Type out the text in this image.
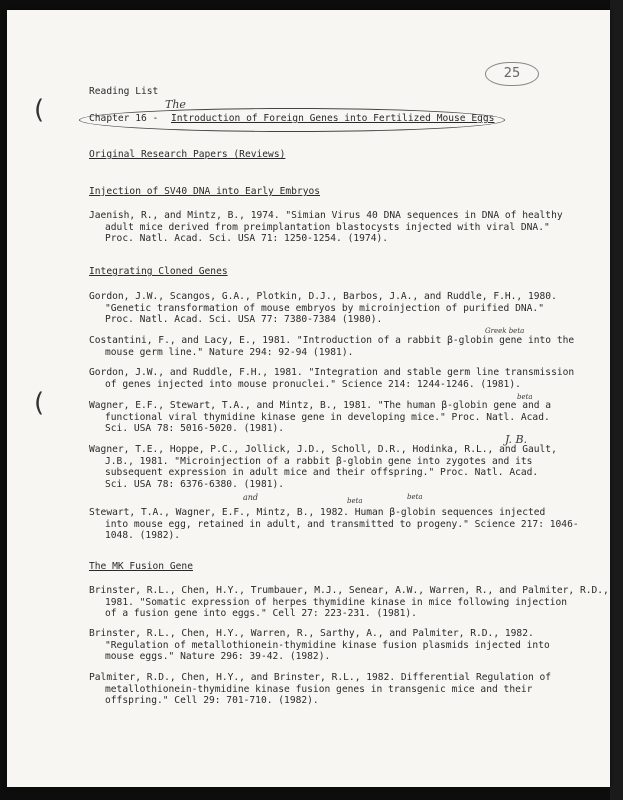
(
(
25
Reading List
Chapter 16 -
The
Introduction of Foreign Genes into Fertilized Mouse Eggs
Original Research Papers (Reviews)
Injection of SV40 DNA into Early Embryos
Jaenish, R., and Mintz, B., 1974. "Simian Virus 40 DNA sequences in DNA of healthy
adult mice derived from preimplantation blastocysts injected with viral DNA."
Proc. Natl. Acad. Sci. USA 71: 1250-1254. (1974).
Integrating Cloned Genes
Gordon, J.W., Scangos, G.A., Plotkin, D.J., Barbos, J.A., and Ruddle, F.H., 1980.
"Genetic transformation of mouse embryos by microinjection of purified DNA."
Proc. Natl. Acad. Sci. USA 77: 7380-7384 (1980).
Costantini, F., and Lacy, E., 1981. "Introduction of a rabbit β-globin gene into the
mouse germ line." Nature 294: 92-94 (1981).
Greek beta
Gordon, J.W., and Ruddle, F.H., 1981. "Integration and stable germ line transmission
of genes injected into mouse pronuclei." Science 214: 1244-1246. (1981).
Wagner, E.F., Stewart, T.A., and Mintz, B., 1981. "The human β-globin gene and a
functional viral thymidine kinase gene in developing mice." Proc. Natl. Acad.
Sci. USA 78: 5016-5020. (1981).
beta
J. B.
Wagner, T.E., Hoppe, P.C., Jollick, J.D., Scholl, D.R., Hodinka, R.L., and Gault,
J.B., 1981. "Microinjection of a rabbit β-globin gene into zygotes and its
subsequent expression in adult mice and their offspring." Proc. Natl. Acad.
Sci. USA 78: 6376-6380. (1981).
and	beta	beta
Stewart, T.A., Wagner, E.F., Mintz, B., 1982. Human β-globin sequences injected
into mouse egg, retained in adult, and transmitted to progeny." Science 217: 1046-
1048. (1982).
The MK Fusion Gene
Brinster, R.L., Chen, H.Y., Trumbauer, M.J., Senear, A.W., Warren, R., and Palmiter, R.D.,
1981. "Somatic expression of herpes thymidine kinase in mice following injection
of a fusion gene into eggs." Cell 27: 223-231. (1981).
Brinster, R.L., Chen, H.Y., Warren, R., Sarthy, A., and Palmiter, R.D., 1982.
"Regulation of metallothionein-thymidine kinase fusion plasmids injected into
mouse eggs." Nature 296: 39-42. (1982).
Palmiter, R.D., Chen, H.Y., and Brinster, R.L., 1982. Differential Regulation of
metallothionein-thymidine kinase fusion genes in transgenic mice and their
offspring." Cell 29: 701-710. (1982).
